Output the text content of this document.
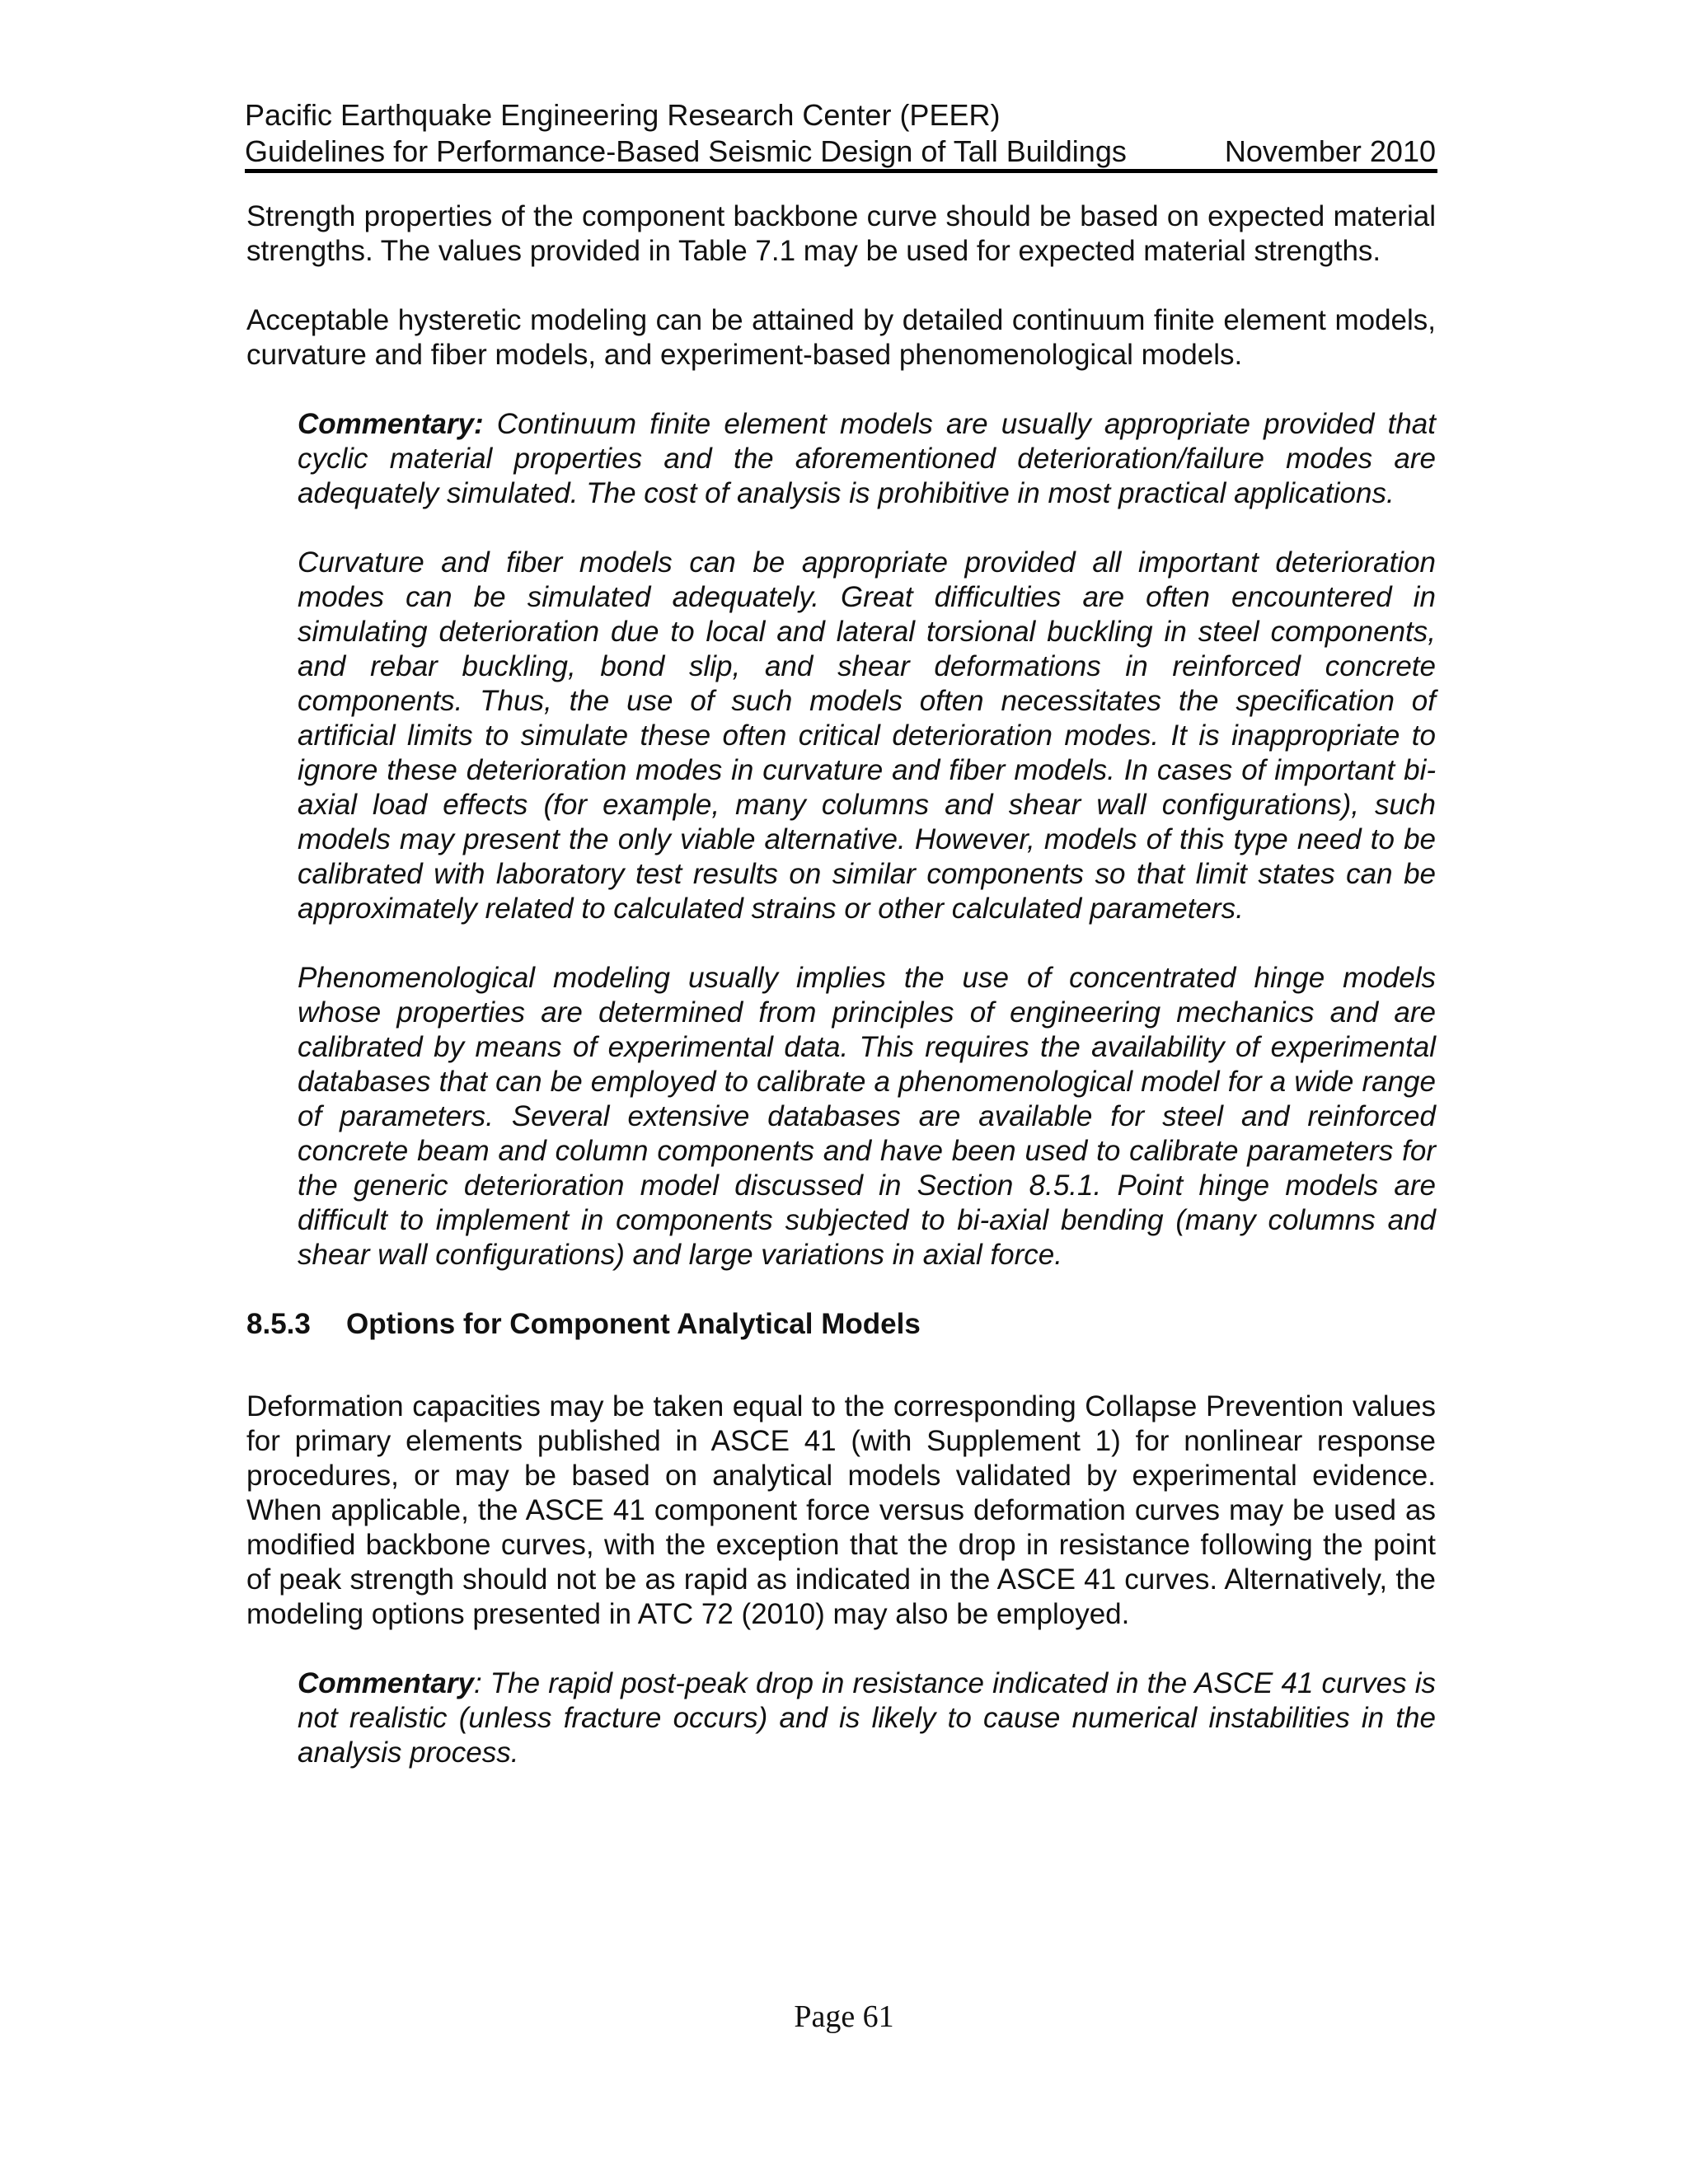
Pacific Earthquake Engineering Research Center (PEER)
Guidelines for Performance-Based Seismic Design of Tall Buildings	November 2010

Strength properties of the component backbone curve should be based on expected material strengths. The values provided in Table 7.1 may be used for expected material strengths.

Acceptable hysteretic modeling can be attained by detailed continuum finite element models, curvature and fiber models, and experiment-based phenomenological models.

Commentary: Continuum finite element models are usually appropriate provided that cyclic material properties and the aforementioned deterioration/failure modes are adequately simulated. The cost of analysis is prohibitive in most practical applications.

Curvature and fiber models can be appropriate provided all important deterioration modes can be simulated adequately. Great difficulties are often encountered in simulating deterioration due to local and lateral torsional buckling in steel components, and rebar buckling, bond slip, and shear deformations in reinforced concrete components. Thus, the use of such models often necessitates the specification of artificial limits to simulate these often critical deterioration modes. It is inappropriate to ignore these deterioration modes in curvature and fiber models. In cases of important bi-axial load effects (for example, many columns and shear wall configurations), such models may present the only viable alternative. However, models of this type need to be calibrated with laboratory test results on similar components so that limit states can be approximately related to calculated strains or other calculated parameters.

Phenomenological modeling usually implies the use of concentrated hinge models whose properties are determined from principles of engineering mechanics and are calibrated by means of experimental data. This requires the availability of experimental databases that can be employed to calibrate a phenomenological model for a wide range of parameters. Several extensive databases are available for steel and reinforced concrete beam and column components and have been used to calibrate parameters for the generic deterioration model discussed in Section 8.5.1. Point hinge models are difficult to implement in components subjected to bi-axial bending (many columns and shear wall configurations) and large variations in axial force.

8.5.3	Options for Component Analytical Models

Deformation capacities may be taken equal to the corresponding Collapse Prevention values for primary elements published in ASCE 41 (with Supplement 1) for nonlinear response procedures, or may be based on analytical models validated by experimental evidence. When applicable, the ASCE 41 component force versus deformation curves may be used as modified backbone curves, with the exception that the drop in resistance following the point of peak strength should not be as rapid as indicated in the ASCE 41 curves. Alternatively, the modeling options presented in ATC 72 (2010) may also be employed.

Commentary: The rapid post-peak drop in resistance indicated in the ASCE 41 curves is not realistic (unless fracture occurs) and is likely to cause numerical instabilities in the analysis process.

Page 61
